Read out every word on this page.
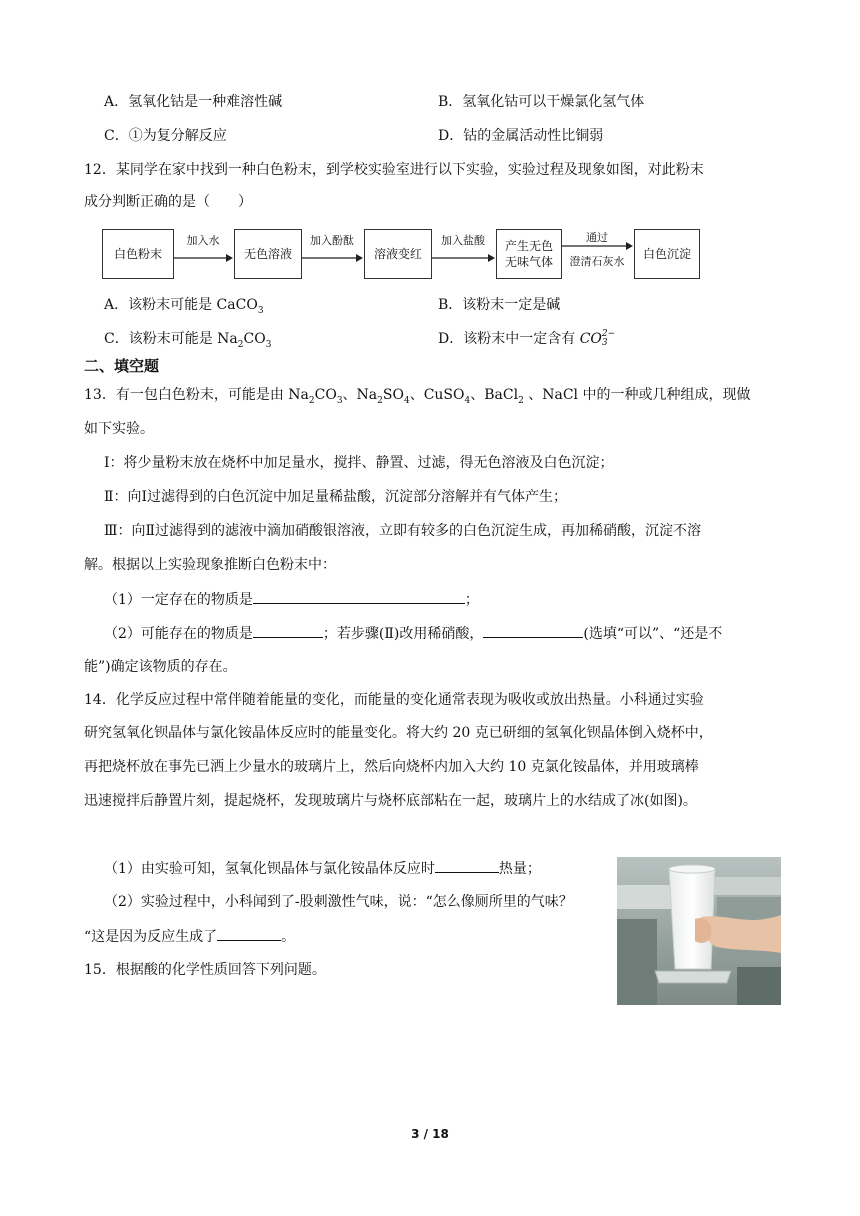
A．氢氧化钴是一种难溶性碱	B．氢氧化钴可以干燥氯化氢气体
C．①为复分解反应	D．钴的金属活动性比铜弱
12．某同学在家中找到一种白色粉末，到学校实验室进行以下实验，实验过程及现象如图，对此粉末
成分判断正确的是（　　）
白色粉末
加入水
无色溶液
加入酚酞
溶液变红
加入盐酸	产生无色
无味气体
通过
澄清石灰水
白色沉淀
A．该粉末可能是 CaCO$_3$	B．该粉末一定是碱
C．该粉末可能是 $Na_2CO_3$	D．该粉末中一定含有 CO 2−
3
二、填空题
13．有一包白色粉末，可能是由 $Na_2CO_3$、$Na_2SO_4$、CuSO$_4$、BaCl$_2$ 、NaCl 中的一种或几种组成，现做
如下实验。
Ⅰ：将少量粉末放在烧杯中加足量水，搅拌、静置、过滤，得无色溶液及白色沉淀；
Ⅱ：向Ⅰ过滤得到的白色沉淀中加足量稀盐酸，沉淀部分溶解并有气体产生；
Ⅲ：向Ⅱ过滤得到的滤液中滴加硝酸银溶液，立即有较多的白色沉淀生成，再加稀硝酸，沉淀不溶
解。根据以上实验现象推断白色粉末中：
（1）一定存在的物质是	；
（2）可能存在的物质是	；若步骤(Ⅱ)改用稀硝酸，	(选填“可以”、“还是不
能”)确定该物质的存在。
14．化学反应过程中常伴随着能量的变化，而能量的变化通常表现为吸收或放出热量。小科通过实验
研究氢氧化钡晶体与氯化铵晶体反应时的能量变化。将大约 20 克已研细的氢氧化钡晶体倒入烧杯中，
再把烧杯放在事先已洒上少量水的玻璃片上，然后向烧杯内加入大约 10 克氯化铵晶体，并用玻璃棒
迅速搅拌后静置片刻，提起烧杯，发现玻璃片与烧杯底部粘在一起，玻璃片上的水结成了冰(如图)。
（1）由实验可知，氢氧化钡晶体与氯化铵晶体反应时	热量；
（2）实验过程中，小科闻到了-股刺激性气味，说：“怎么像厕所里的气味？
“这是因为反应生成了	。
15．根据酸的化学性质回答下列问题。
3 / 18
